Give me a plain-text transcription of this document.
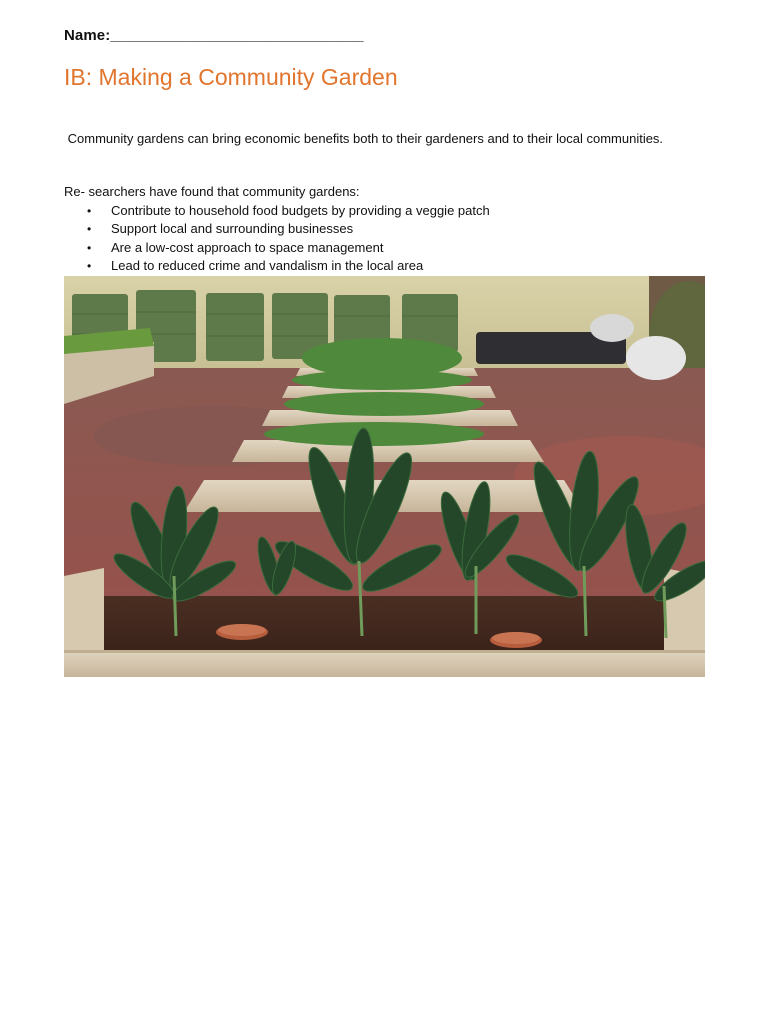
Name:______________________________
IB: Making a Community Garden

Community gardens can bring economic benefits both to their gardeners and to their local communities.

Re- searchers have found that community gardens:

• Contribute to household food budgets by providing a veggie patch
• Support local and surrounding businesses
• Are a low-cost approach to space management
• Lead to reduced crime and vandalism in the local area
